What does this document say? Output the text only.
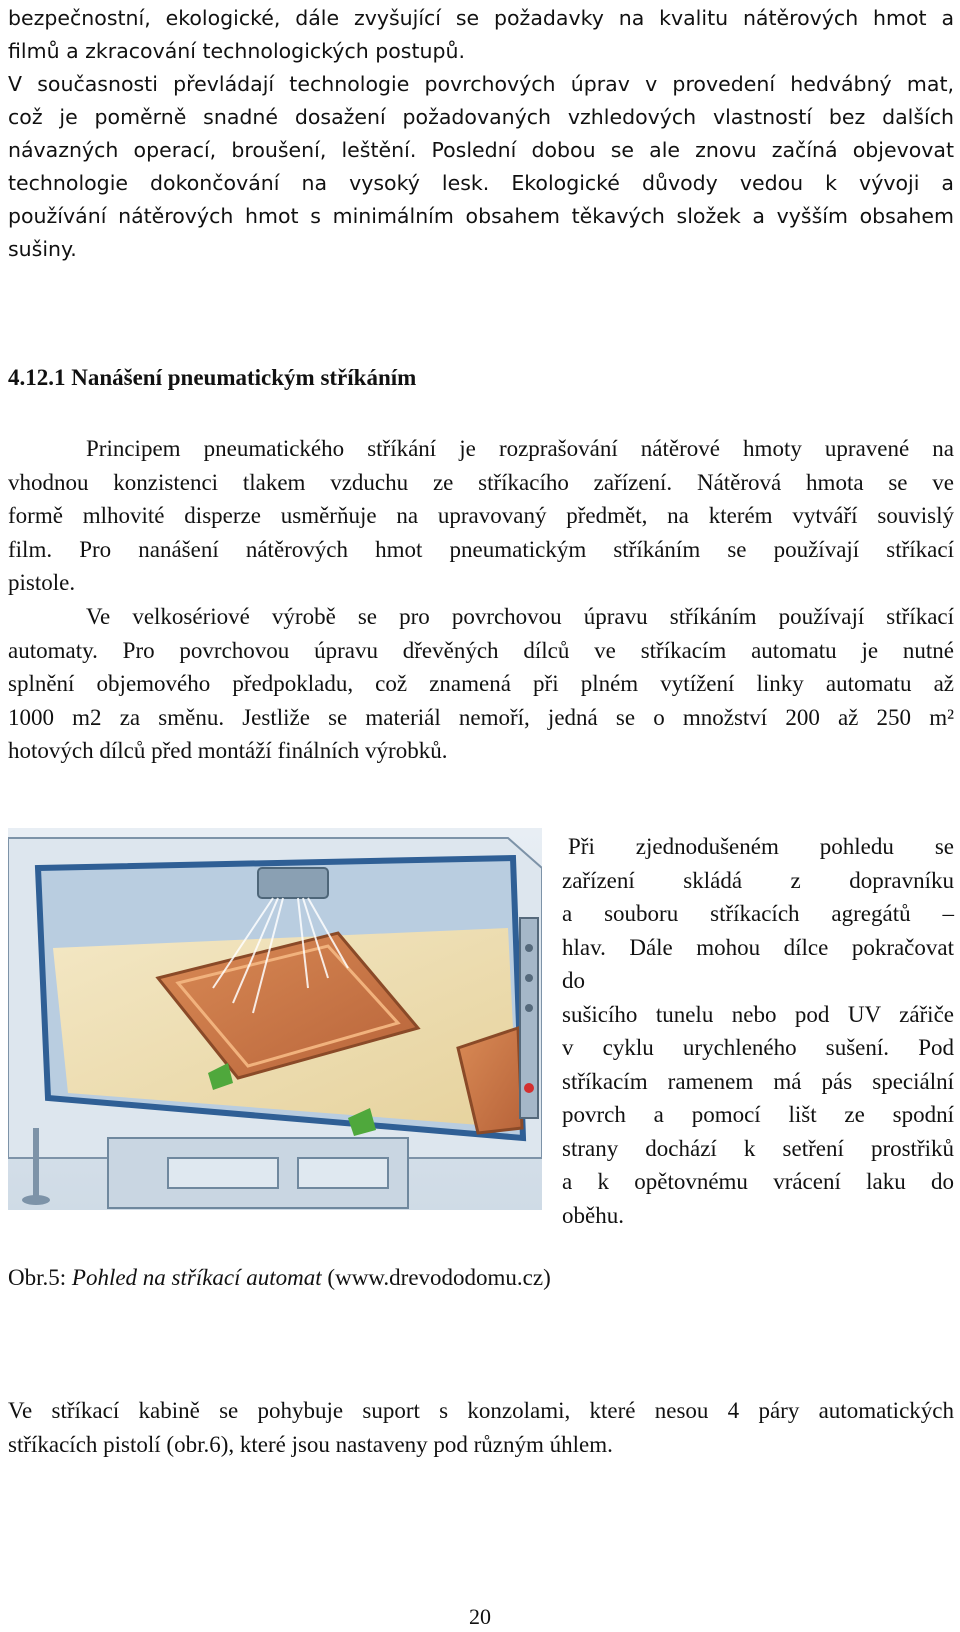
bezpečnostní, ekologické, dále zvyšující se požadavky na kvalitu nátěrových hmot a
filmů a zkracování technologických postupů.
V současnosti převládají technologie povrchových úprav v provedení hedvábný mat,
což je poměrně snadné dosažení požadovaných vzhledových vlastností bez dalších
návazných operací, broušení, leštění. Poslední dobou se ale znovu začíná objevovat
technologie dokončování na vysoký lesk. Ekologické důvody vedou k vývoji a
používání nátěrových hmot s minimálním obsahem těkavých složek a vyšším obsahem
sušiny.
4.12.1 Nanášení pneumatickým stříkáním
Principem pneumatického stříkání je rozprašování nátěrové hmoty upravené na
vhodnou konzistenci tlakem vzduchu ze stříkacího zařízení. Nátěrová hmota se ve
formě mlhovité disperze usměrňuje na upravovaný předmět, na kterém vytváří souvislý
film. Pro nanášení nátěrových hmot pneumatickým stříkáním se používají stříkací
pistole.
Ve velkosériové výrobě se pro povrchovou úpravu stříkáním používají stříkací
automaty. Pro povrchovou úpravu dřevěných dílců ve stříkacím automatu je nutné
splnění objemového předpokladu, což znamená při plném vytížení linky automatu až
1000 m2 za směnu. Jestliže se materiál nemoří, jedná se o množství 200 až 250 m²
hotových dílců před montáží finálních výrobků.
Při zjednodušeném pohledu se
zařízení skládá z dopravníku
a souboru stříkacích agregátů –
hlav. Dále mohou dílce pokračovat
do
sušicího tunelu nebo pod UV zářiče
v cyklu urychleného sušení. Pod
stříkacím ramenem má pás speciální
povrch a pomocí lišt ze spodní
strany dochází k setření prostřiků
a k opětovnému vrácení laku do
oběhu.
Obr.5: Pohled na stříkací automat (www.drevododomu.cz)
Ve stříkací kabině se pohybuje suport s konzolami, které nesou 4 páry automatických
stříkacích pistolí (obr.6), které jsou nastaveny pod různým úhlem.
20
